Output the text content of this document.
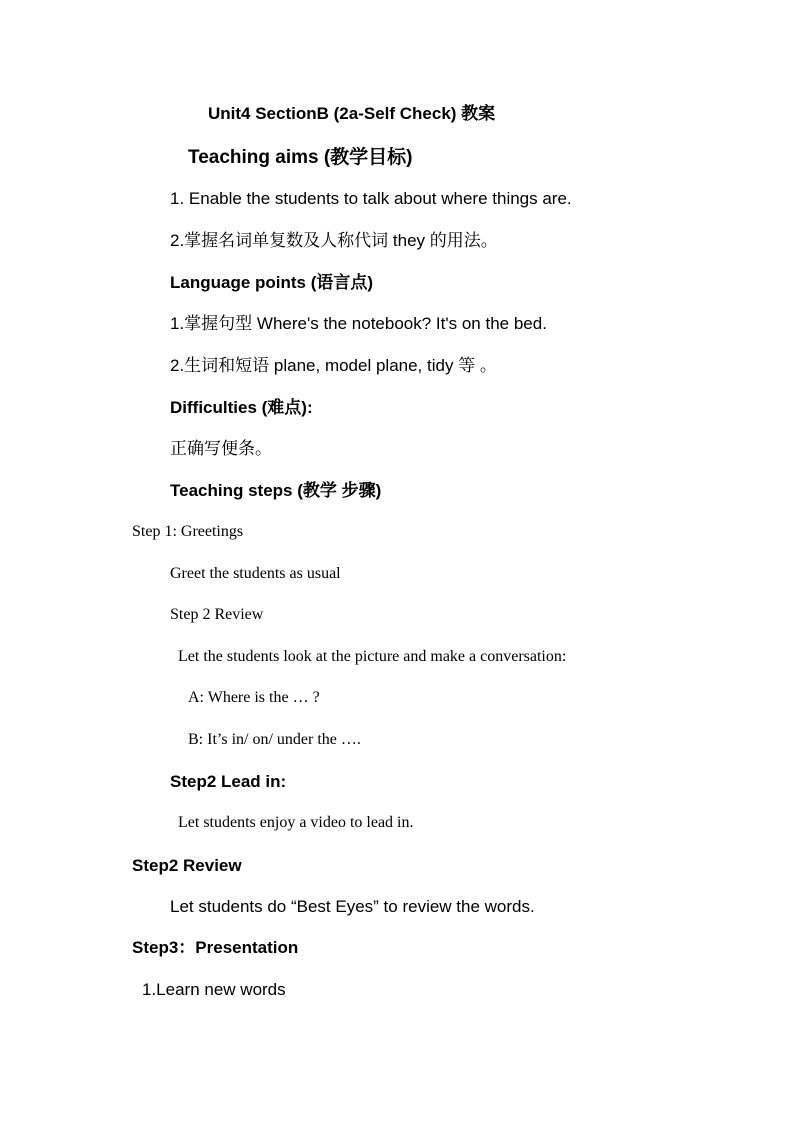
Unit4 SectionB (2a-Self Check) 教案
Teaching aims (教学目标)
1. Enable the students to talk about where things are.
2.掌握名词单复数及人称代词 they 的用法。
Language points (语言点)
1.掌握句型 Where's the notebook? It's on the bed.
2.生词和短语 plane, model plane, tidy 等 。
Difficulties (难点):
正确写便条。
Teaching steps (教学 步骤)
Step 1: Greetings
Greet the students as usual
Step 2 Review
Let the students look at the picture and make a conversation:
A: Where is the … ?
B: It’s in/ on/ under the ….
Step2 Lead in:
Let students enjoy a video to lead in.
Step2 Review
Let students do “Best Eyes” to review the words.
Step3：Presentation
1.Learn new words
